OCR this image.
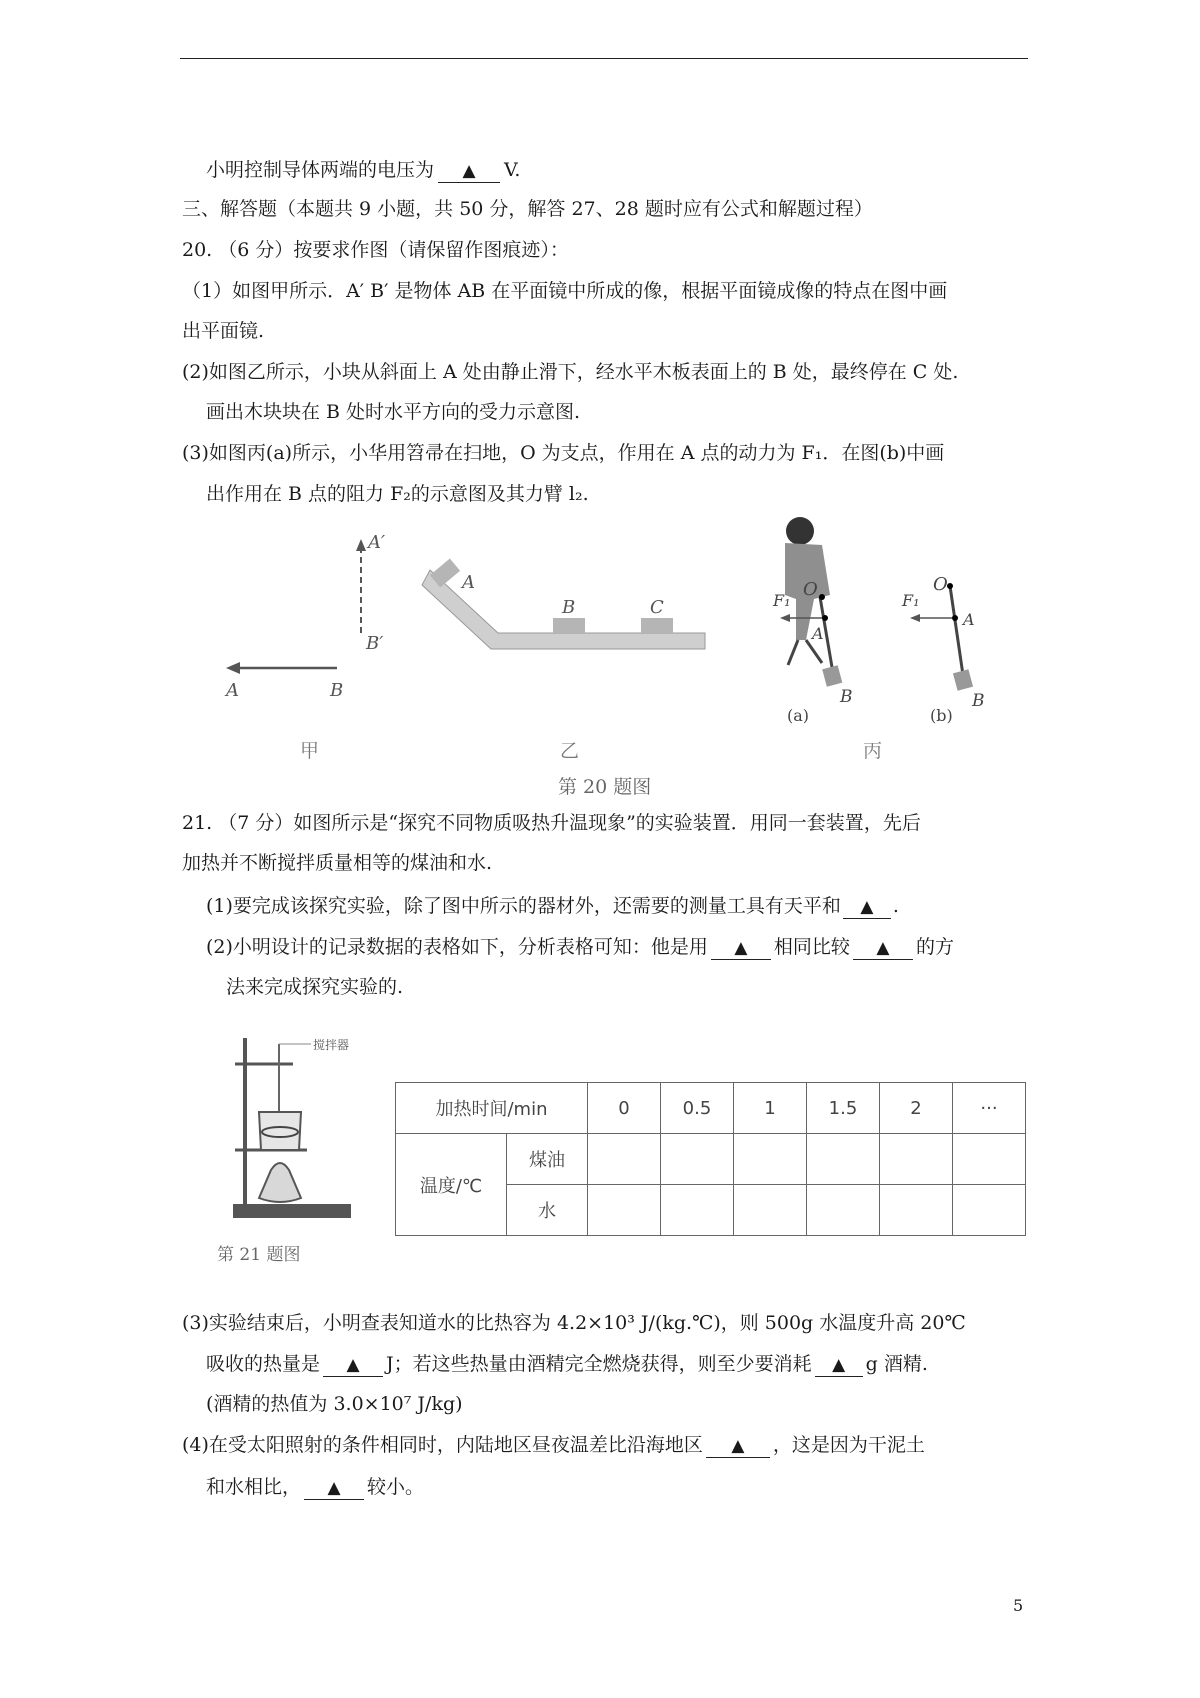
小明控制导体两端的电压为 ▲ V.
三、解答题（本题共 9 小题，共 50 分，解答 27、28 题时应有公式和解题过程）
20. （6 分）按要求作图（请保留作图痕迹）：
（1）如图甲所示．A′ B′ 是物体 AB 在平面镜中所成的像，根据平面镜成像的特点在图中画
出平面镜.
(2)如图乙所示，小块从斜面上 A 处由静止滑下，经水平木板表面上的 B 处，最终停在 C 处.
画出木块块在 B 处时水平方向的受力示意图.
(3)如图丙(a)所示，小华用笤帚在扫地，O 为支点，作用在 A 点的动力为 F₁．在图(b)中画
出作用在 B 点的阻力 F₂的示意图及其力臂 l₂.
A	B
A′
B′
甲
A
B	C
乙
F₁
O
A
B
(a)
F₁
O
A
B
(b)
丙
第 20 题图
21. （7 分）如图所示是“探究不同物质吸热升温现象”的实验装置．用同一套装置，先后
加热并不断搅拌质量相等的煤油和水.
(1)要完成该探究实验，除了图中所示的器材外，还需要的测量工具有天平和 ▲ .
(2)小明设计的记录数据的表格如下，分析表格可知：他是用 ▲ 相同比较 ▲ 的方
法来完成探究实验的.
搅拌器
第 21 题图
加热时间/min		0	0.5	1	1.5	2	···
温度/℃	煤油						
	水						
(3)实验结束后，小明查表知道水的比热容为 4.2×10³ J/(kg.℃)，则 500g 水温度升高 20℃
吸收的热量是 ▲ J；若这些热量由酒精完全燃烧获得，则至少要消耗 ▲ g 酒精.
(酒精的热值为 3.0×10⁷ J/kg)
(4)在受太阳照射的条件相同时，内陆地区昼夜温差比沿海地区 ▲ ，这是因为干泥土
和水相比， ▲ 较小。
5
